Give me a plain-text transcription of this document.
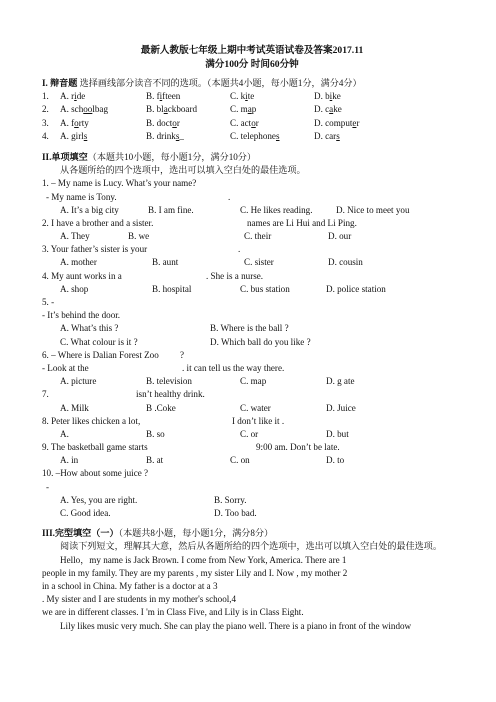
最新人教版七年级上期中考试英语试卷及答案2017.11
满分100分 时间60分钟
I. 辩音题 选择画线部分读音不同的选项。（本题共4小题，每小题1分，满分4分）
1. A. ride	B. fifteen	C. kite	D. bike
2. A. schoolbag	B. blackboard	C. map	D. cake
3. A. forty	B. doctor	C. actor	D. computer
4. A. girls	B. drinks_	C. telephones	D. cars
II.单项填空（本题共10小题，每小题1分，满分10分）
从各题所给的四个选项中，选出可以填入空白处的最佳选项。
1. – My name is Lucy. What’s your name?
- My name is Tony.	.
A. It’s a big city	B. I am fine.	C. He likes reading.	D. Nice to meet you
2. I have a brother and a sister.	names are Li Hui and Li Ping.
A. They	B. we	C. their	D. our
3. Your father’s sister is your	.
A. mother	B. aunt	C. sister	D. cousin
4. My aunt works in a	. She is a nurse.
A. shop	B. hospital	C. bus station	D. police station
5. -
- It’s behind the door.
A. What’s this ?	B. Where is the ball ?
C. What colour is it ?	D. Which ball do you like ?
6. – Where is Dalian Forest Zoo ?
- Look at the	. it can tell us the way there.
A. picture	B. television	C. map	D. g ate
7.	isn’t healthy drink.
A. Milk	B .Coke	C. water	D. Juice
8. Peter likes chicken a lot,	I don’t like it .
A.	B. so	C. or	D. but
9. The basketball game starts	9:00 am. Don’t be late.
A. in	B. at	C. on	D. to
10. –How about some juice ?
-
A. Yes, you are right.	B. Sorry.
C. Good idea.	D. Too bad.
III.完型填空（一）（本题共8小题，每小题1分，满分8分）
阅读下列短文，理解其大意，然后从各题所给的四个选项中，选出可以填入空白处的最佳选项。
Hello，my name is Jack Brown. I come from New York, America. There are 1
people in my family. They are my parents , my sister Lily and I. Now , my mother 2
in a school in China. My father is a doctor at a 3
. My sister and I are students in my mother's school,4
we are in different classes. I 'm in Class Five, and Lily is in Class Eight.
Lily likes music very much. She can play the piano well. There is a piano in front of the window
